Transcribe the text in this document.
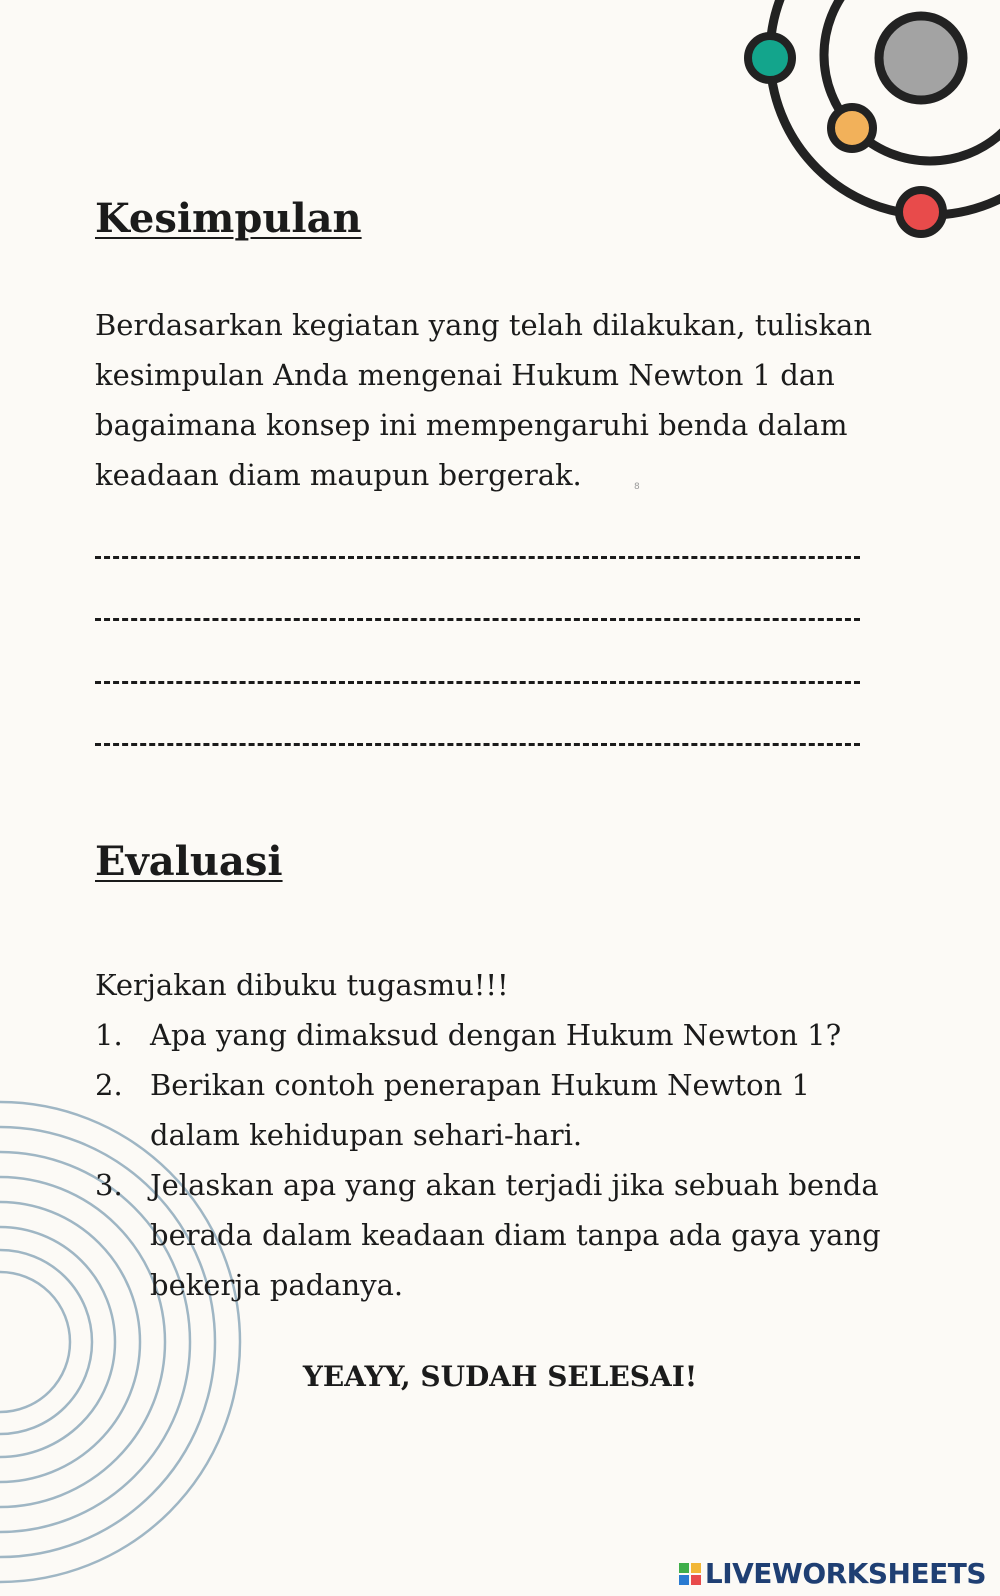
Kesimpulan

Berdasarkan kegiatan yang telah dilakukan, tuliskan kesimpulan Anda mengenai Hukum Newton 1 dan bagaimana konsep ini mempengaruhi benda dalam keadaan diam maupun bergerak.	8
Evaluasi

Kerjakan dibuku tugasmu!!!

1. Apa yang dimaksud dengan Hukum Newton 1?
2. Berikan contoh penerapan Hukum Newton 1 dalam kehidupan sehari-hari.
3. Jelaskan apa yang akan terjadi jika sebuah benda berada dalam keadaan diam tanpa ada gaya yang bekerja padanya.

YEAYY, SUDAH SELESAI!

LIVEWORKSHEETS
